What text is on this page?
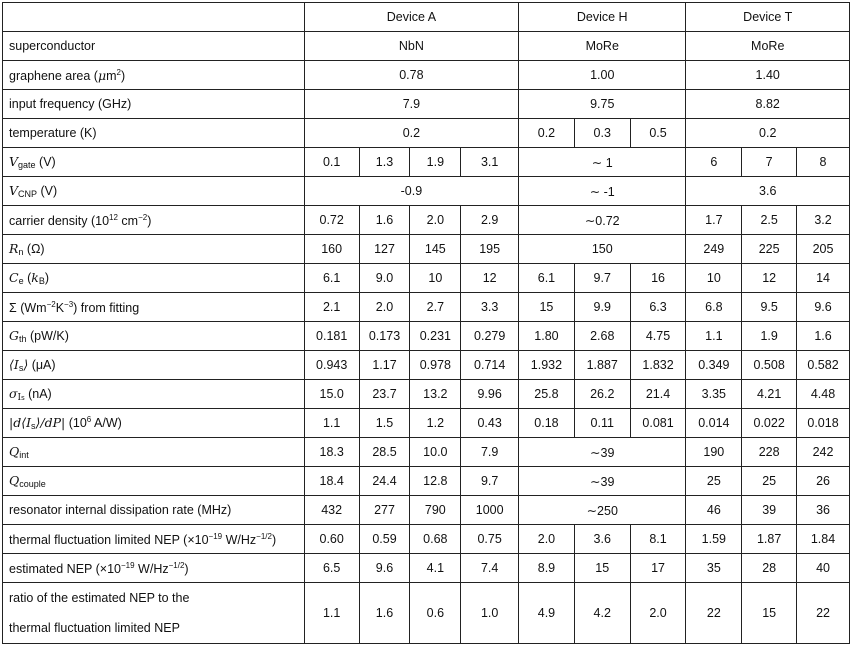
	Device A				Device H			Device T		
superconductor	NbN				MoRe			MoRe		
graphene area $(\mu m^2)$	0.78				1.00			1.40		
input frequency (GHz)	7.9				9.75			8.82		
temperature (K)	0.2				0.2	0.3	0.5	0.2		
Vgate (V)	0.1	1.3	1.9	3.1	∼ 1			6	7	8
VCNP (V)	-0.9				∼ -1			3.6		
carrier density ($10^{12}$ $cm^{-2}$)	0.72	1.6	2.0	2.9	∼0.72			1.7	2.5	3.2
Rn (Ω)	160	127	145	195	150			249	225	205
Ce (kB)	6.1	9.0	10	12	6.1	9.7	16	10	12	14
Σ $(Wm^{-2}K^{-3})$ from fitting	2.1	2.0	2.7	3.3	15	9.9	6.3	6.8	9.5	9.6
Gth (pW/K)	0.181	0.173	0.231	0.279	1.80	2.68	4.75	1.1	1.9	1.6
⟨Is⟩ (μA)	0.943	1.17	0.978	0.714	1.932	1.887	1.832	0.349	0.508	0.582
σIs (nA)	15.0	23.7	13.2	9.96	25.8	26.2	21.4	3.35	4.21	4.48
|d⟨Is⟩/dP| ($10^6$ A/W)	1.1	1.5	1.2	0.43	0.18	0.11	0.081	0.014	0.022	0.018
Qint	18.3	28.5	10.0	7.9	∼39			190	228	242
Qcouple	18.4	24.4	12.8	9.7	∼39			25	25	26
resonator internal dissipation rate (MHz)	432	277	790	1000	∼250			46	39	36
thermal fluctuation limited NEP ($\times 10^{-19}$ $W/Hz^{-1/2}$)	0.60	0.59	0.68	0.75	2.0	3.6	8.1	1.59	1.87	1.84
estimated NEP ($\times 10^{-19}$ $W/Hz^{-1/2}$)	6.5	9.6	4.1	7.4	8.9	15	17	35	28	40
ratio of the estimated NEP to the
thermal fluctuation limited NEP	1.1	1.6	0.6	1.0	4.9	4.2	2.0	22	15	22
